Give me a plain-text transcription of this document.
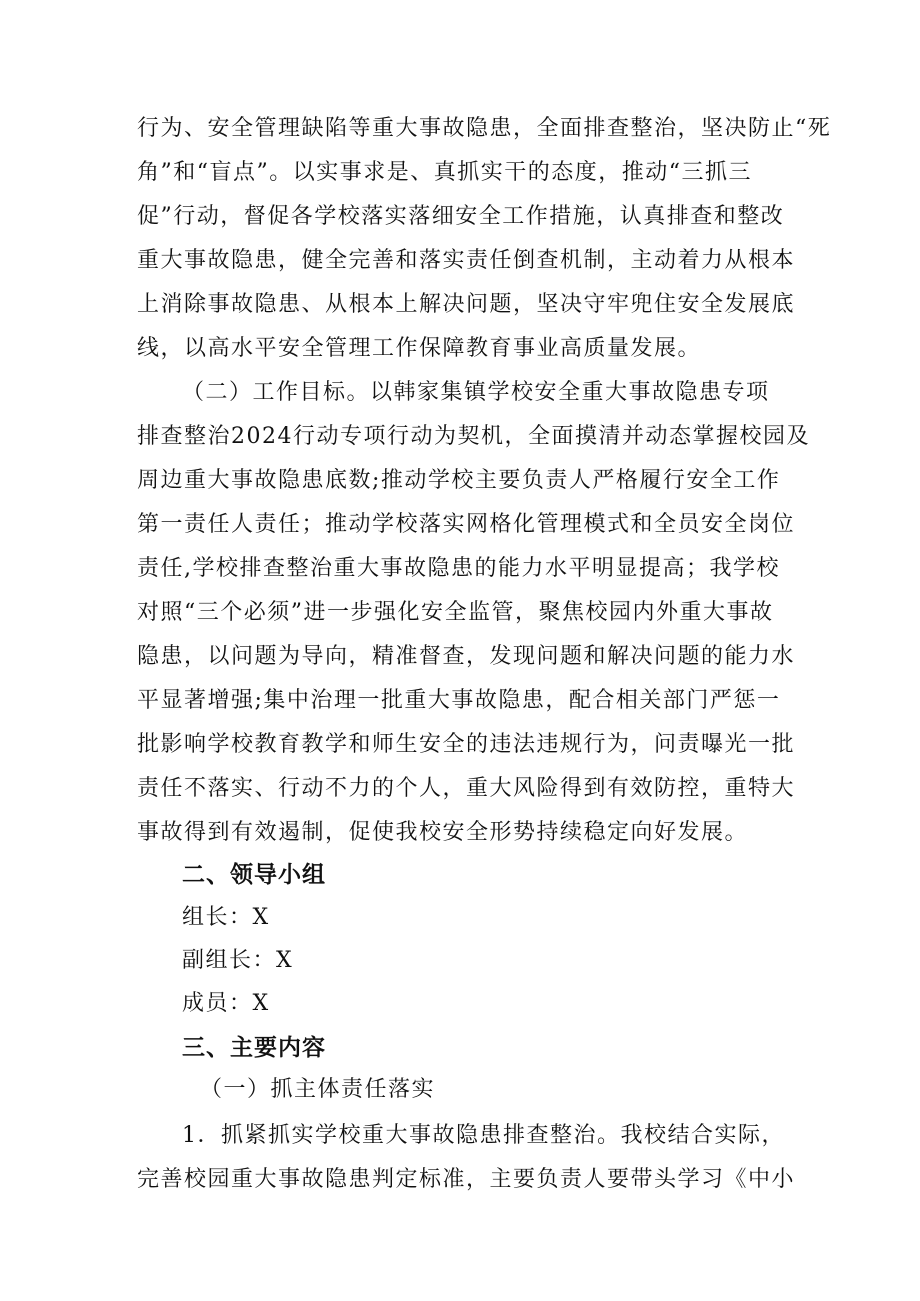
行为、安全管理缺陷等重大事故隐患，全面排查整治，坚决防止“死
角”和“盲点”。以实事求是、真抓实干的态度，推动“三抓三
促”行动，督促各学校落实落细安全工作措施，认真排查和整改
重大事故隐患，健全完善和落实责任倒查机制，主动着力从根本
上消除事故隐患、从根本上解决问题，坚决守牢兜住安全发展底
线，以高水平安全管理工作保障教育事业高质量发展。
（二）工作目标。以韩家集镇学校安全重大事故隐患专项
排查整治2024行动专项行动为契机，全面摸清并动态掌握校园及
周边重大事故隐患底数;推动学校主要负责人严格履行安全工作
第一责任人责任；推动学校落实网格化管理模式和全员安全岗位
责任,学校排查整治重大事故隐患的能力水平明显提高；我学校
对照“三个必须”进一步强化安全监管，聚焦校园内外重大事故
隐患，以问题为导向，精准督查，发现问题和解决问题的能力水
平显著增强;集中治理一批重大事故隐患，配合相关部门严惩一
批影响学校教育教学和师生安全的违法违规行为，问责曝光一批
责任不落实、行动不力的个人，重大风险得到有效防控，重特大
事故得到有效遏制，促使我校安全形势持续稳定向好发展。
二、领导小组
组长：X
副组长：X
成员：X
三、主要内容
（一）抓主体责任落实
1．抓紧抓实学校重大事故隐患排查整治。我校结合实际，
完善校园重大事故隐患判定标准，主要负责人要带头学习《中小
